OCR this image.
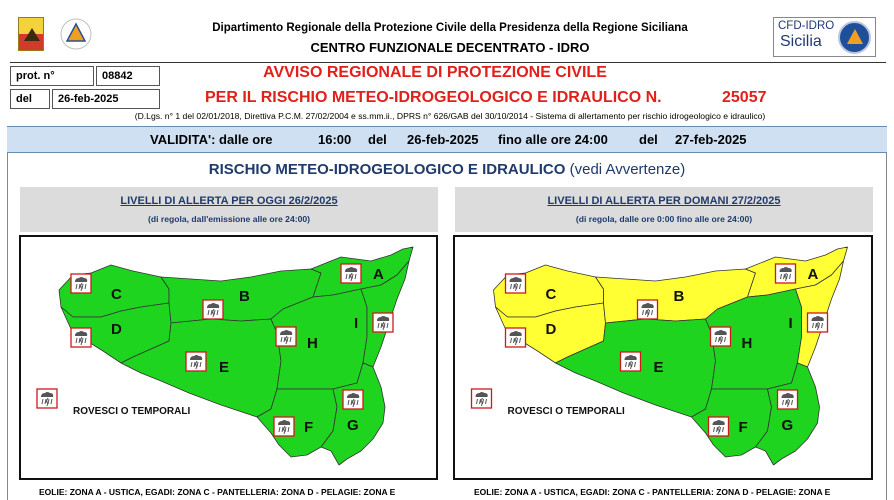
Dipartimento Regionale della Protezione Civile della Presidenza della Regione Siciliana
CENTRO FUNZIONALE DECENTRATO - IDRO
CFD-IDRO
Sicilia
prot. n°	08842
del	26-feb-2025
AVVISO REGIONALE DI PROTEZIONE CIVILE
PER IL RISCHIO METEO-IDROGEOLOGICO E IDRAULICO N.	25057
(D.Lgs. n° 1 del 02/01/2018, Direttiva P.C.M. 27/02/2004 e ss.mm.ii., DPRS n° 626/GAB del 30/10/2014 - Sistema di allertamento per rischio idrogeologico e idraulico)
VALIDITA': dalle ore	16:00 del 26-feb-2025 fino alle ore 24:00 del 27-feb-2025
RISCHIO METEO-IDROGEOLOGICO E IDRAULICO (vedi Avvertenze)
LIVELLI DI ALLERTA PER OGGI 26/2/2025
(di regola, dall'emissione alle ore 24:00)
A
B
C
D
E
F G
H
I
ROVESCI O TEMPORALI
LIVELLI DI ALLERTA PER DOMANI 27/2/2025
(di regola, dalle ore 0:00 fino alle ore 24:00)
A
B
C
D
E
F G
H
I
ROVESCI O TEMPORALI
EOLIE: ZONA A - USTICA, EGADI: ZONA C - PANTELLERIA: ZONA D - PELAGIE: ZONA E	EOLIE: ZONA A - USTICA, EGADI: ZONA C - PANTELLERIA: ZONA D - PELAGIE: ZONA E
